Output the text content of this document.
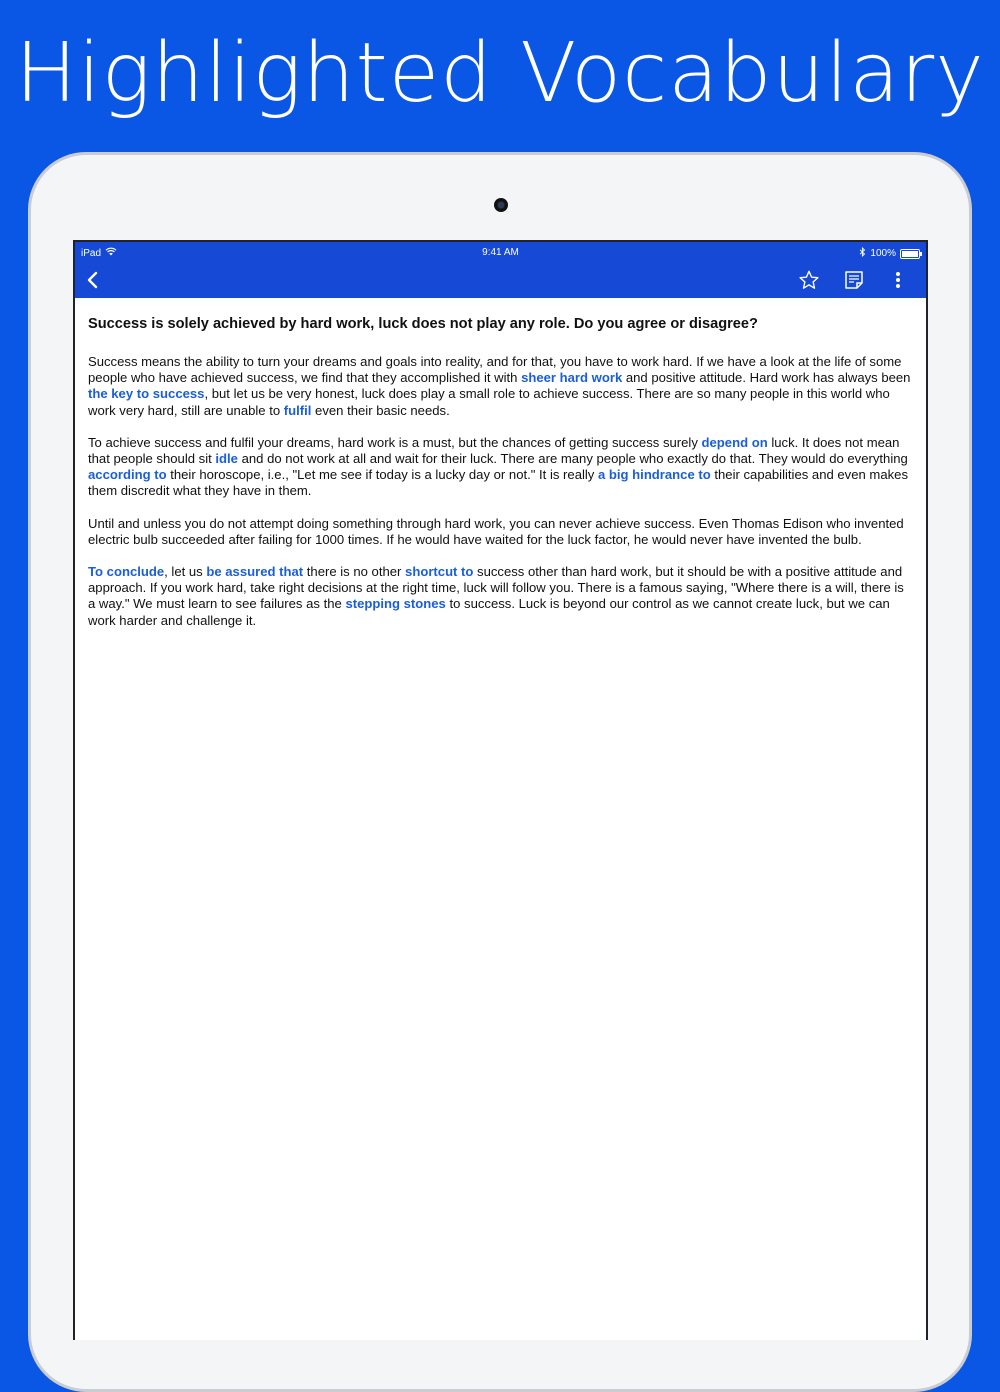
Highlighted Vocabulary
iPad	9:41 AM	100%
Success is solely achieved by hard work, luck does not play any role. Do you agree or disagree?

Success means the ability to turn your dreams and goals into reality, and for that, you have to work hard. If we have a look at the life of some people who have achieved success, we find that they accomplished it with sheer hard work and positive attitude. Hard work has always been the key to success, but let us be very honest, luck does play a small role to achieve success. There are so many people in this world who work very hard, still are unable to fulfil even their basic needs.

To achieve success and fulfil your dreams, hard work is a must, but the chances of getting success surely depend on luck. It does not mean that people should sit idle and do not work at all and wait for their luck. There are many people who exactly do that. They would do everything according to their horoscope, i.e., "Let me see if today is a lucky day or not." It is really a big hindrance to their capabilities and even makes them discredit what they have in them.

Until and unless you do not attempt doing something through hard work, you can never achieve success. Even Thomas Edison who invented electric bulb succeeded after failing for 1000 times. If he would have waited for the luck factor, he would never have invented the bulb.

To conclude, let us be assured that there is no other shortcut to success other than hard work, but it should be with a positive attitude and approach. If you work hard, take right decisions at the right time, luck will follow you. There is a famous saying, "Where there is a will, there is a way." We must learn to see failures as the stepping stones to success. Luck is beyond our control as we cannot create luck, but we can work harder and challenge it.
